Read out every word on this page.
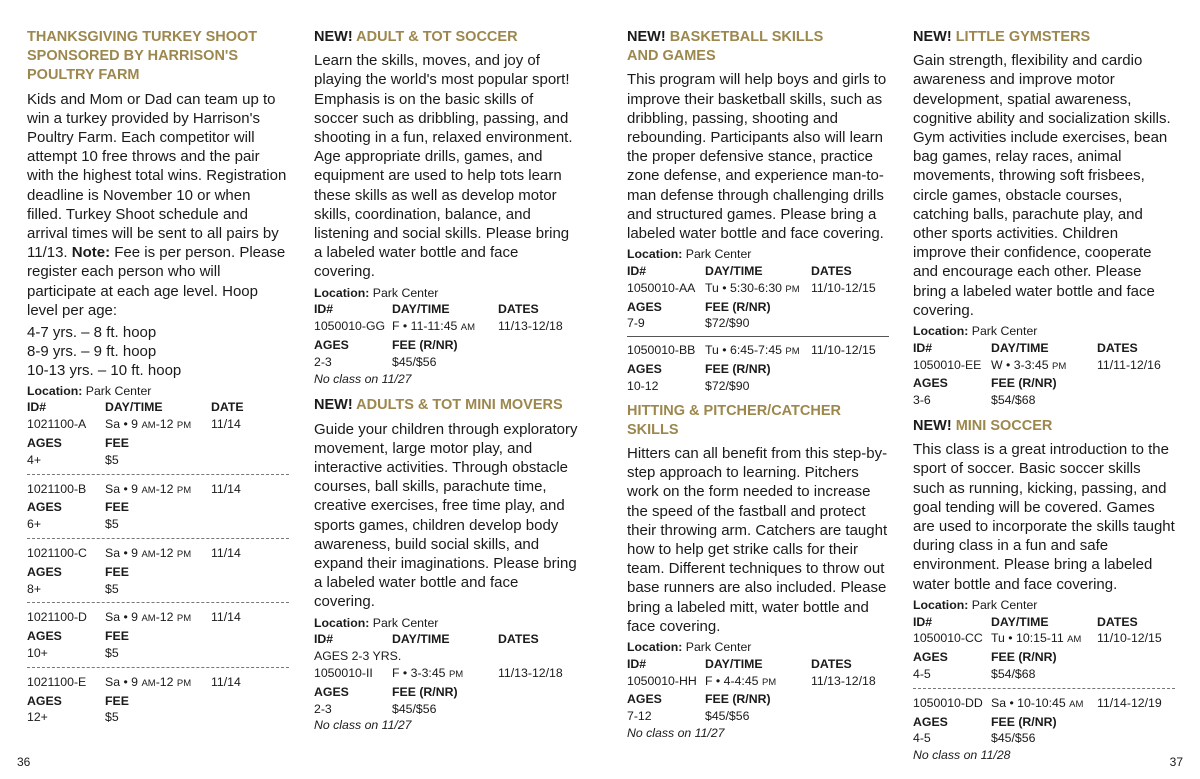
THANKSGIVING TURKEY SHOOT SPONSORED BY HARRISON'S POULTRY FARM

Kids and Mom or Dad can team up to win a turkey provided by Harrison's Poultry Farm. Each competitor will attempt 10 free throws and the pair with the highest total wins. Registration deadline is November 10 or when filled. Turkey Shoot schedule and arrival times will be sent to all pairs by 11/13. Note: Fee is per person. Please register each person who will participate at each age level. Hoop level per age:

4-7 yrs. – 8 ft. hoop
8-9 yrs. – 9 ft. hoop
10-13 yrs. – 10 ft. hoop

Location: Park Center
ID#	DAY/TIME	DATE
1021100-A	Sa • 9 AM-12 PM	11/14
AGES	FEE
4+	$5
1021100-B	Sa • 9 AM-12 PM	11/14
AGES	FEE
6+	$5
1021100-C	Sa • 9 AM-12 PM	11/14
AGES	FEE
8+	$5
1021100-D	Sa • 9 AM-12 PM	11/14
AGES	FEE
10+	$5
1021100-E	Sa • 9 AM-12 PM	11/14
AGES	FEE
12+	$5
NEW! ADULT & TOT SOCCER

Learn the skills, moves, and joy of playing the world's most popular sport! Emphasis is on the basic skills of soccer such as dribbling, passing, and shooting in a fun, relaxed environment. Age appropriate drills, games, and equipment are used to help tots learn these skills as well as develop motor skills, coordination, balance, and listening and social skills. Please bring a labeled water bottle and face covering.

Location: Park Center
ID#	DAY/TIME	DATES
1050010-GG F • 11-11:45 AM	11/13-12/18
AGES	FEE (R/NR)
2-3	$45/$56
No class on 11/27
NEW! ADULTS & TOT MINI MOVERS

Guide your children through exploratory movement, large motor play, and interactive activities. Through obstacle courses, ball skills, parachute time, creative exercises, free time play, and sports games, children develop body awareness, build social skills, and expand their imaginations. Please bring a labeled water bottle and face covering.

Location: Park Center
ID#	DAY/TIME	DATES
AGES 2-3 YRS.
1050010-II	F • 3-3:45 PM	11/13-12/18
AGES	FEE (R/NR)
2-3	$45/$56
No class on 11/27
36
NEW! BASKETBALL SKILLS
AND GAMES

This program will help boys and girls to improve their basketball skills, such as dribbling, passing, shooting and rebounding. Participants also will learn the proper defensive stance, practice zone defense, and experience man-to-man defense through challenging drills and structured games. Please bring a labeled water bottle and face covering.

Location: Park Center
ID#	DAY/TIME	DATES
1050010-AA Tu • 5:30-6:30 PM 11/10-12/15
AGES	FEE (R/NR)
7-9	$72/$90
1050010-BB Tu • 6:45-7:45 PM 11/10-12/15
AGES	FEE (R/NR)
10-12	$72/$90
HITTING & PITCHER/CATCHER SKILLS

Hitters can all benefit from this step-by-step approach to learning. Pitchers work on the form needed to increase the speed of the fastball and protect their throwing arm. Catchers are taught how to help get strike calls for their team. Different techniques to throw out base runners are also included. Please bring a labeled mitt, water bottle and face covering.

Location: Park Center
ID#	DAY/TIME	DATES
1050010-HH F • 4-4:45 PM	11/13-12/18
AGES	FEE (R/NR)
7-12	$45/$56
No class on 11/27
NEW! LITTLE GYMSTERS

Gain strength, flexibility and cardio awareness and improve motor development, spatial awareness, cognitive ability and socialization skills. Gym activities include exercises, bean bag games, relay races, animal movements, throwing soft frisbees, circle games, obstacle courses, catching balls, parachute play, and other sports activities. Children improve their confidence, cooperate and encourage each other. Please bring a labeled water bottle and face covering.

Location: Park Center
ID#	DAY/TIME	DATES
1050010-EE W • 3-3:45 PM	11/11-12/16
AGES	FEE (R/NR)
3-6	$54/$68
NEW! MINI SOCCER

This class is a great introduction to the sport of soccer. Basic soccer skills such as running, kicking, passing, and goal tending will be covered. Games are used to incorporate the skills taught during class in a fun and safe environment. Please bring a labeled water bottle and face covering.

Location: Park Center
ID#	DAY/TIME	DATES
1050010-CC Tu • 10:15-11 AM	11/10-12/15
AGES	FEE (R/NR)
4-5	$54/$68
1050010-DD Sa • 10-10:45 AM	11/14-12/19
AGES	FEE (R/NR)
4-5	$45/$56
No class on 11/28	37
